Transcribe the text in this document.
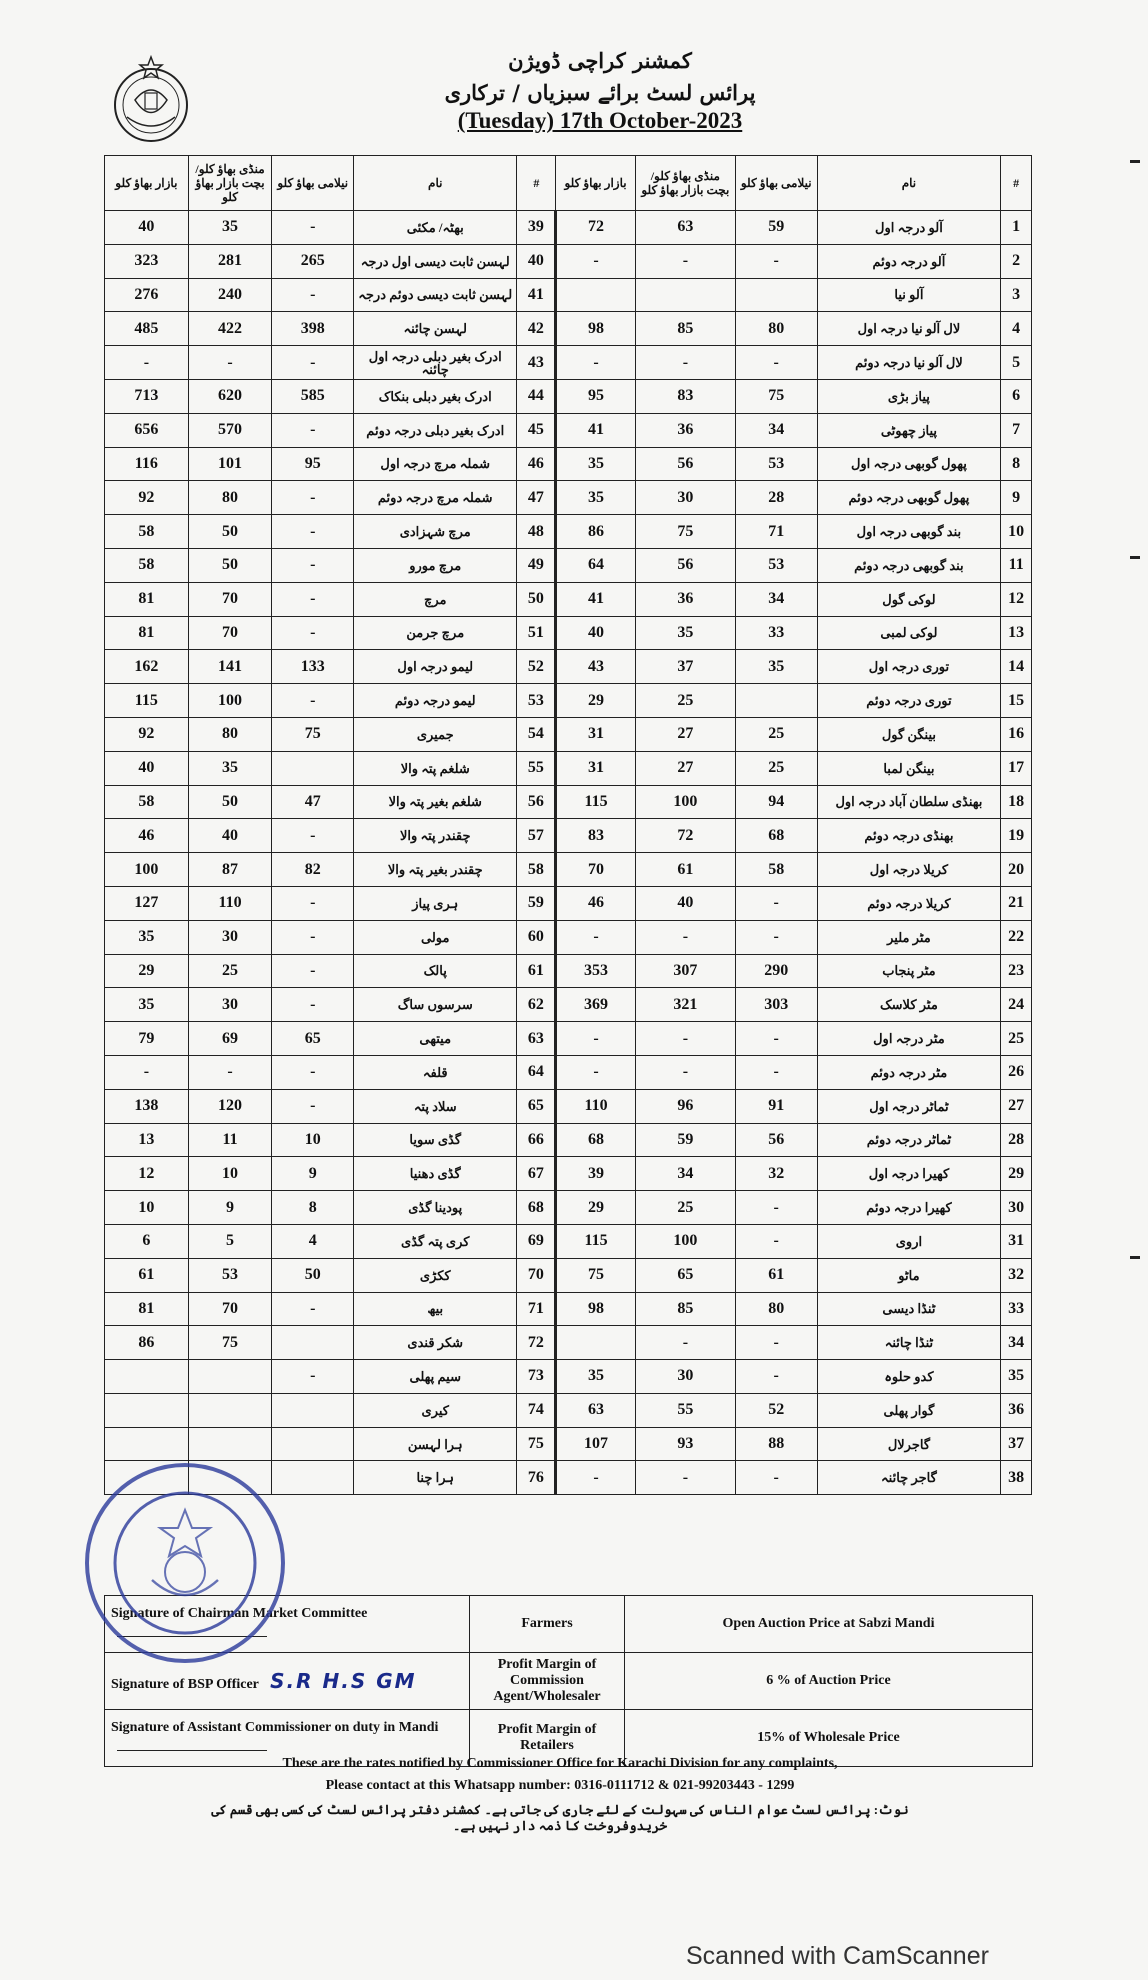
کمشنر کراچی ڈویژن
پرائس لسٹ برائے سبزیاں / ترکاری
(Tuesday) 17th October-2023
بازار بھاؤ کلو	منڈی بھاؤ کلو/بچت بازار بھاؤ کلو	نیلامی بھاؤ کلو	نام	#	بازار بھاؤ کلو	منڈی بھاؤ کلو/بچت بازار بھاؤ کلو	نیلامی بھاؤ کلو	نام	#
40	35	-	بھٹہ/ مکئی	39	72	63	59	آلو درجہ اول	1
323	281	265	لہسن ثابت دیسی اول درجہ	40	-	-	-	آلو درجہ دوئم	2
276	240	-	لہسن ثابت دیسی دوئم درجہ	41				آلو نیا	3
485	422	398	لہسن چائنہ	42	98	85	80	لال آلو نیا درجہ اول	4
-	-	-	ادرک بغیر دبلی درجہ اول چائنہ	43	-	-	-	لال آلو نیا درجہ دوئم	5
713	620	585	ادرک بغیر دبلی بنکاک	44	95	83	75	پیاز بڑی	6
656	570	-	ادرک بغیر دبلی درجہ دوئم	45	41	36	34	پیاز چھوٹی	7
116	101	95	شملہ مرچ درجہ اول	46	35	56	53	پھول گوبھی درجہ اول	8
92	80	-	شملہ مرچ درجہ دوئم	47	35	30	28	پھول گوبھی درجہ دوئم	9
58	50	-	مرچ شہزادی	48	86	75	71	بند گوبھی درجہ اول	10
58	50	-	مرچ مورو	49	64	56	53	بند گوبھی درجہ دوئم	11
81	70	-	مرچ	50	41	36	34	لوکی گول	12
81	70	-	مرچ جرمن	51	40	35	33	لوکی لمبی	13
162	141	133	لیمو درجہ اول	52	43	37	35	توری درجہ اول	14
115	100	-	لیمو درجہ دوئم	53	29	25		توری درجہ دوئم	15
92	80	75	جمیری	54	31	27	25	بینگن گول	16
40	35		شلغم پتہ والا	55	31	27	25	بینگن لمبا	17
58	50	47	شلغم بغیر پتہ والا	56	115	100	94	بھنڈی سلطان آباد درجہ اول	18
46	40	-	چقندر پتہ والا	57	83	72	68	بھنڈی درجہ دوئم	19
100	87	82	چقندر بغیر پتہ والا	58	70	61	58	کریلا درجہ اول	20
127	110	-	ہری پیاز	59	46	40	-	کریلا درجہ دوئم	21
35	30	-	مولی	60	-	-	-	مٹر ملیر	22
29	25	-	پالک	61	353	307	290	مٹر پنجاب	23
35	30	-	سرسوں ساگ	62	369	321	303	مٹر کلاسک	24
79	69	65	میتھی	63	-	-	-	مٹر درجہ اول	25
-	-	-	قلفہ	64	-	-	-	مٹر درجہ دوئم	26
138	120	-	سلاد پتہ	65	110	96	91	ٹماٹر درجہ اول	27
13	11	10	گڈی سویا	66	68	59	56	ٹماٹر درجہ دوئم	28
12	10	9	گڈی دھنیا	67	39	34	32	کھیرا درجہ اول	29
10	9	8	پودینا گڈی	68	29	25	-	کھیرا درجہ دوئم	30
6	5	4	کری پتہ گڈی	69	115	100	-	اروی	31
61	53	50	ککڑی	70	75	65	61	ماٹو	32
81	70	-	بیھ	71	98	85	80	ٹنڈا دیسی	33
86	75		شکر قندی	72		-	-	ٹنڈا چائنہ	34
		-	سیم پھلی	73	35	30	-	کدو حلوہ	35
			کیری	74	63	55	52	گوار پھلی	36
			ہرا لہسن	75	107	93	88	گاجرلال	37
			ہرا چنا	76	-	-	-	گاجر چائنہ	38
Signature of Chairman Market Committee	Farmers	Open Auction Price at Sabzi Mandi
Signature of BSP Officer S.R H.S GM	Profit Margin of Commission Agent/Wholesaler	6 % of Auction Price
Signature of Assistant Commissioner on duty in Mandi	Profit Margin of Retailers	15% of Wholesale Price
These are the rates notified by Commissioner Office for Karachi Division for any complaints,
Please contact at this Whatsapp number: 0316-0111712 & 021-99203443 - 1299
نوٹ: پرائس لسٹ عوام الناس کی سہولت کے لئے جاری کی جاتی ہے۔ کمشنر دفتر پرائس لسٹ کی کسی بھی قسم کی خریدوفروخت کا ذمہ دار نہیں ہے۔
Scanned with CamScanner
